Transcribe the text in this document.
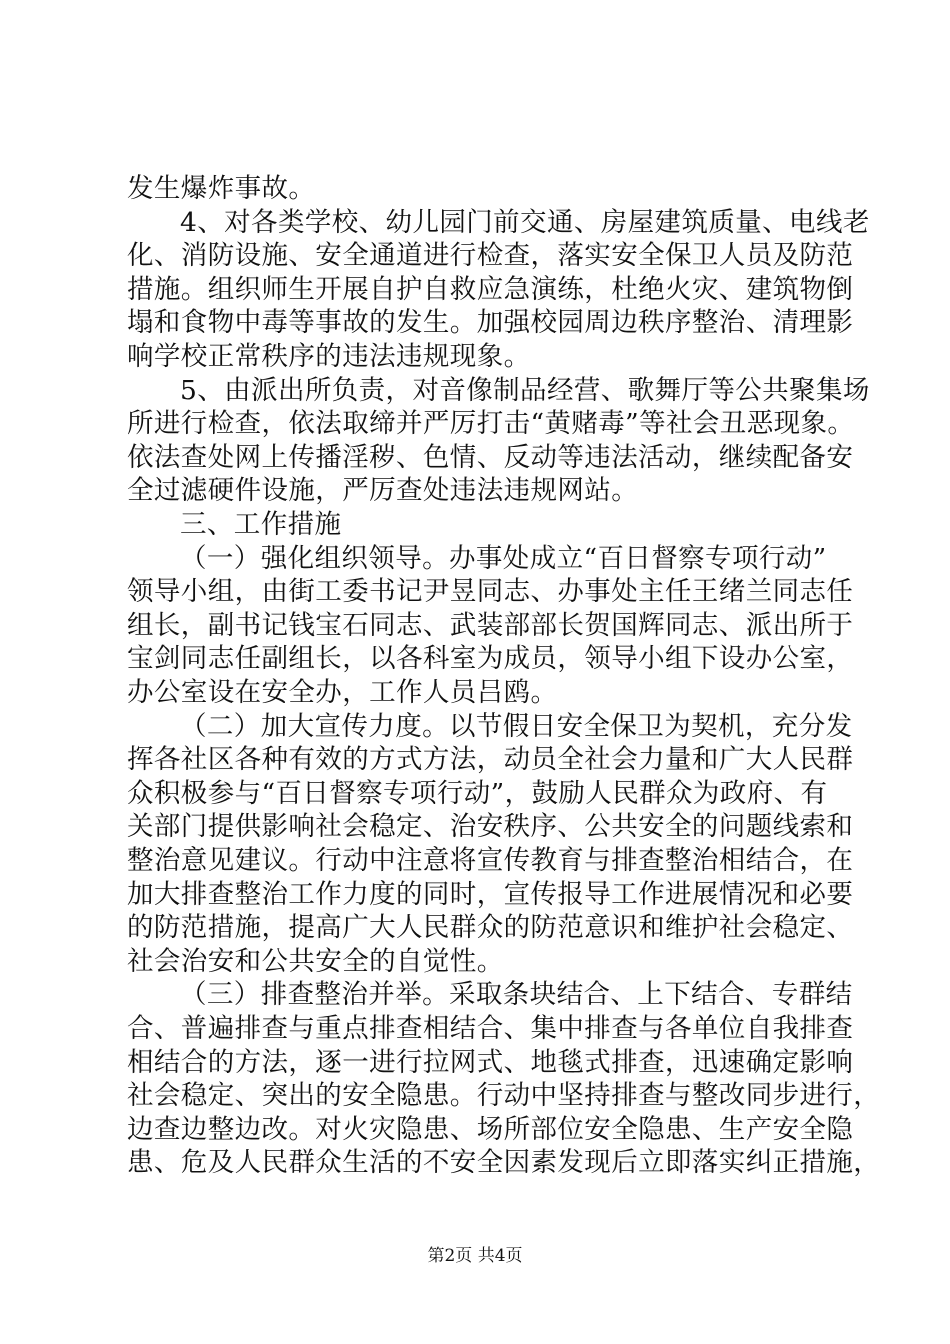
发生爆炸事故。
4、对各类学校、幼儿园门前交通、房屋建筑质量、电线老
化、消防设施、安全通道进行检查，落实安全保卫人员及防范
措施。组织师生开展自护自救应急演练，杜绝火灾、建筑物倒
塌和食物中毒等事故的发生。加强校园周边秩序整治、清理影
响学校正常秩序的违法违规现象。
5、由派出所负责，对音像制品经营、歌舞厅等公共聚集场
所进行检查，依法取缔并严厉打击“黄赌毒”等社会丑恶现象。
依法查处网上传播淫秽、色情、反动等违法活动，继续配备安
全过滤硬件设施，严厉查处违法违规网站。
三、工作措施
（一）强化组织领导。办事处成立“百日督察专项行动”
领导小组，由街工委书记尹昱同志、办事处主任王绪兰同志任
组长，副书记钱宝石同志、武装部部长贺国辉同志、派出所于
宝剑同志任副组长，以各科室为成员，领导小组下设办公室，
办公室设在安全办，工作人员吕鸥。
（二）加大宣传力度。以节假日安全保卫为契机，充分发
挥各社区各种有效的方式方法，动员全社会力量和广大人民群
众积极参与“百日督察专项行动”，鼓励人民群众为政府、有
关部门提供影响社会稳定、治安秩序、公共安全的问题线索和
整治意见建议。行动中注意将宣传教育与排查整治相结合，在
加大排查整治工作力度的同时，宣传报导工作进展情况和必要
的防范措施，提高广大人民群众的防范意识和维护社会稳定、
社会治安和公共安全的自觉性。
（三）排查整治并举。采取条块结合、上下结合、专群结
合、普遍排查与重点排查相结合、集中排查与各单位自我排查
相结合的方法，逐一进行拉网式、地毯式排查，迅速确定影响
社会稳定、突出的安全隐患。行动中坚持排查与整改同步进行，
边查边整边改。对火灾隐患、场所部位安全隐患、生产安全隐
患、危及人民群众生活的不安全因素发现后立即落实纠正措施，
第2页 共4页
